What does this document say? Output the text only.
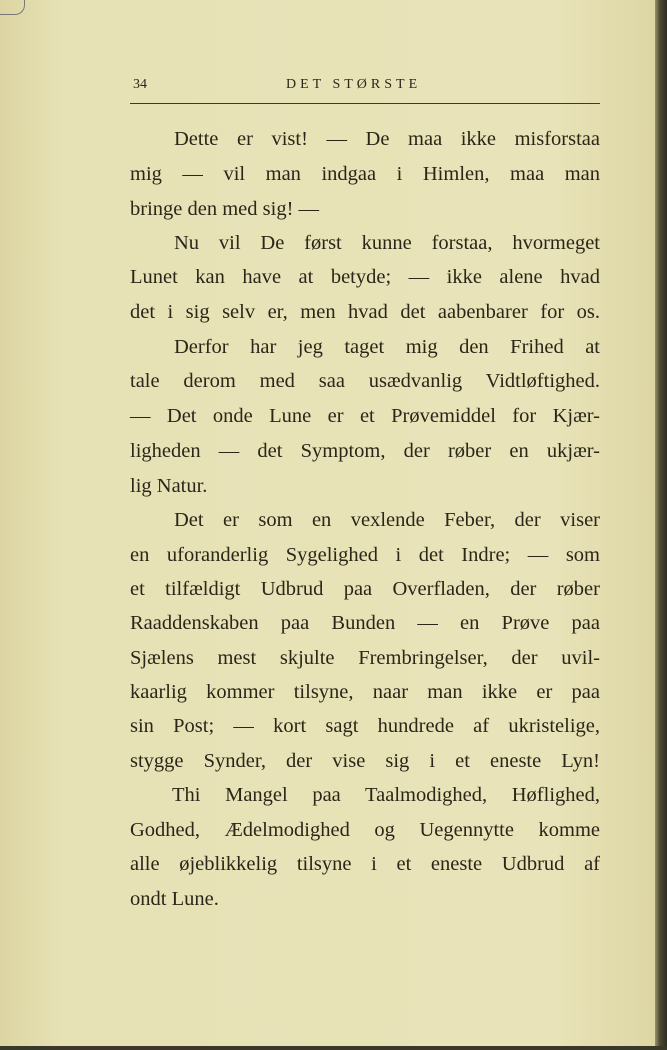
34	DET STØRSTE
Dette er vist! — De maa ikke misforstaa
mig — vil man indgaa i Himlen, maa man
bringe den med sig! —
Nu vil De først kunne forstaa, hvormeget
Lunet kan have at betyde; — ikke alene hvad
det i sig selv er, men hvad det aabenbarer for os.
Derfor har jeg taget mig den Frihed at
tale derom med saa usædvanlig Vidtløftighed.
— Det onde Lune er et Prøvemiddel for Kjær-
ligheden — det Symptom, der røber en ukjær-
lig Natur.
Det er som en vexlende Feber, der viser
en uforanderlig Sygelighed i det Indre; — som
et tilfældigt Udbrud paa Overfladen, der røber
Raaddenskaben paa Bunden — en Prøve paa
Sjælens mest skjulte Frembringelser, der uvil-
kaarlig kommer tilsyne, naar man ikke er paa
sin Post; — kort sagt hundrede af ukristelige,
stygge Synder, der vise sig i et eneste Lyn!
Thi Mangel paa Taalmodighed, Høflighed,
Godhed, Ædelmodighed og Uegennytte komme
alle øjeblikkelig tilsyne i et eneste Udbrud af
ondt Lune.
